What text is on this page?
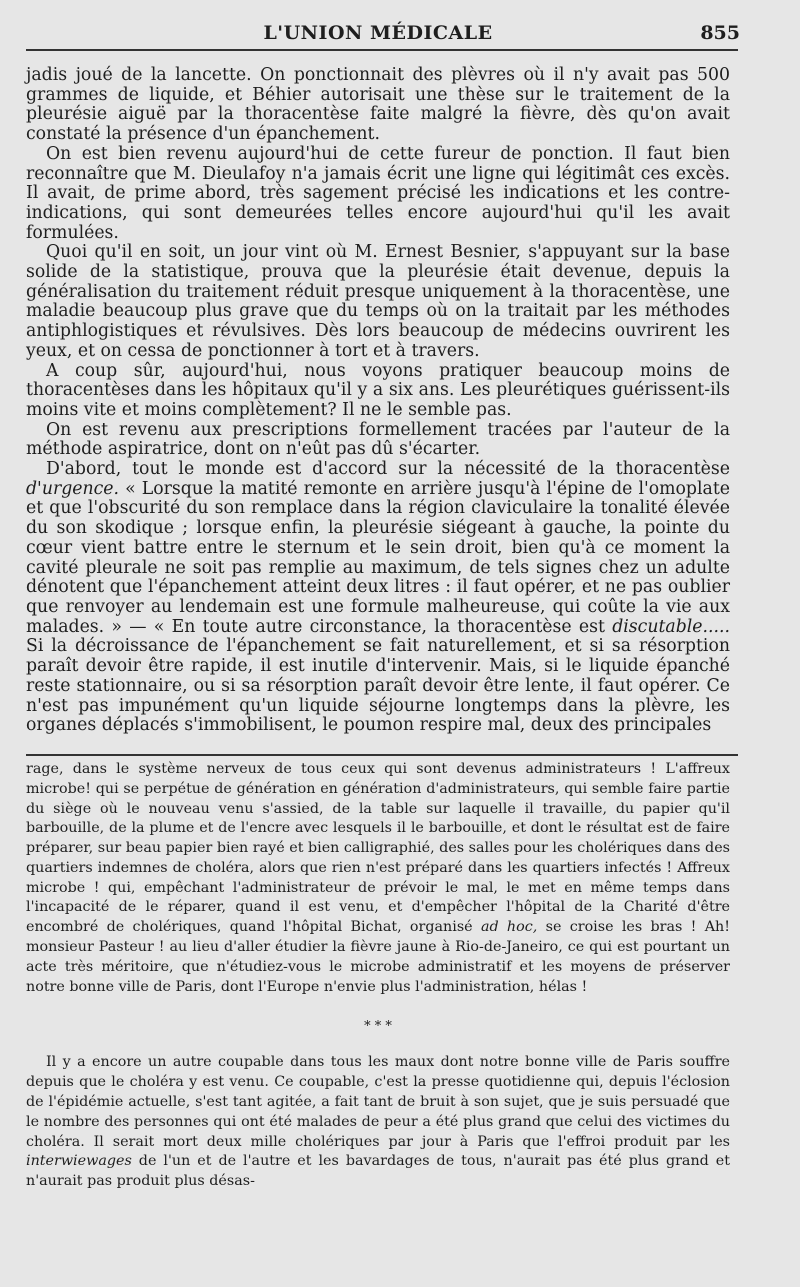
L'UNION MÉDICALE	855

jadis joué de la lancette. On ponctionnait des plèvres où il n'y avait pas 500 grammes de liquide, et Béhier autorisait une thèse sur le traitement de la pleurésie aiguë par la thoracentèse faite malgré la fièvre, dès qu'on avait constaté la présence d'un épanchement.

On est bien revenu aujourd'hui de cette fureur de ponction. Il faut bien reconnaître que M. Dieulafoy n'a jamais écrit une ligne qui légitimât ces excès. Il avait, de prime abord, très sagement précisé les indications et les contre-indications, qui sont demeurées telles encore aujourd'hui qu'il les avait formulées.

Quoi qu'il en soit, un jour vint où M. Ernest Besnier, s'appuyant sur la base solide de la statistique, prouva que la pleurésie était devenue, depuis la généralisation du traitement réduit presque uniquement à la thoracentèse, une maladie beaucoup plus grave que du temps où on la traitait par les méthodes antiphlogistiques et révulsives. Dès lors beaucoup de médecins ouvrirent les yeux, et on cessa de ponctionner à tort et à travers.

A coup sûr, aujourd'hui, nous voyons pratiquer beaucoup moins de thoracentèses dans les hôpitaux qu'il y a six ans. Les pleurétiques guérissent-ils moins vite et moins complètement? Il ne le semble pas.

On est revenu aux prescriptions formellement tracées par l'auteur de la méthode aspiratrice, dont on n'eût pas dû s'écarter.

D'abord, tout le monde est d'accord sur la nécessité de la thoracentèse d'urgence. « Lorsque la matité remonte en arrière jusqu'à l'épine de l'omoplate et que l'obscurité du son remplace dans la région claviculaire la tonalité élevée du son skodique ; lorsque enfin, la pleurésie siégeant à gauche, la pointe du cœur vient battre entre le sternum et le sein droit, bien qu'à ce moment la cavité pleurale ne soit pas remplie au maximum, de tels signes chez un adulte dénotent que l'épanchement atteint deux litres : il faut opérer, et ne pas oublier que renvoyer au lendemain est une formule malheureuse, qui coûte la vie aux malades. » — « En toute autre circonstance, la thoracentèse est discutable..... Si la décroissance de l'épanchement se fait naturellement, et si sa résorption paraît devoir être rapide, il est inutile d'intervenir. Mais, si le liquide épanché reste stationnaire, ou si sa résorption paraît devoir être lente, il faut opérer. Ce n'est pas impunément qu'un liquide séjourne longtemps dans la plèvre, les organes déplacés s'immobilisent, le poumon respire mal, deux des principales

rage, dans le système nerveux de tous ceux qui sont devenus administrateurs ! L'affreux microbe! qui se perpétue de génération en génération d'administrateurs, qui semble faire partie du siège où le nouveau venu s'assied, de la table sur laquelle il travaille, du papier qu'il barbouille, de la plume et de l'encre avec lesquels il le barbouille, et dont le résultat est de faire préparer, sur beau papier bien rayé et bien calligraphié, des salles pour les cholériques dans des quartiers indemnes de choléra, alors que rien n'est préparé dans les quartiers infectés ! Affreux microbe ! qui, empêchant l'administrateur de prévoir le mal, le met en même temps dans l'incapacité de le réparer, quand il est venu, et d'empêcher l'hôpital de la Charité d'être encombré de cholériques, quand l'hôpital Bichat, organisé ad hoc, se croise les bras ! Ah! monsieur Pasteur ! au lieu d'aller étudier la fièvre jaune à Rio-de-Janeiro, ce qui est pourtant un acte très méritoire, que n'étudiez-vous le microbe administratif et les moyens de préserver notre bonne ville de Paris, dont l'Europe n'envie plus l'administration, hélas !

* * *

Il y a encore un autre coupable dans tous les maux dont notre bonne ville de Paris souffre depuis que le choléra y est venu. Ce coupable, c'est la presse quotidienne qui, depuis l'éclosion de l'épidémie actuelle, s'est tant agitée, a fait tant de bruit à son sujet, que je suis persuadé que le nombre des personnes qui ont été malades de peur a été plus grand que celui des victimes du choléra. Il serait mort deux mille cholériques par jour à Paris que l'effroi produit par les interwiewages de l'un et de l'autre et les bavardages de tous, n'aurait pas été plus grand et n'aurait pas produit plus désas-
